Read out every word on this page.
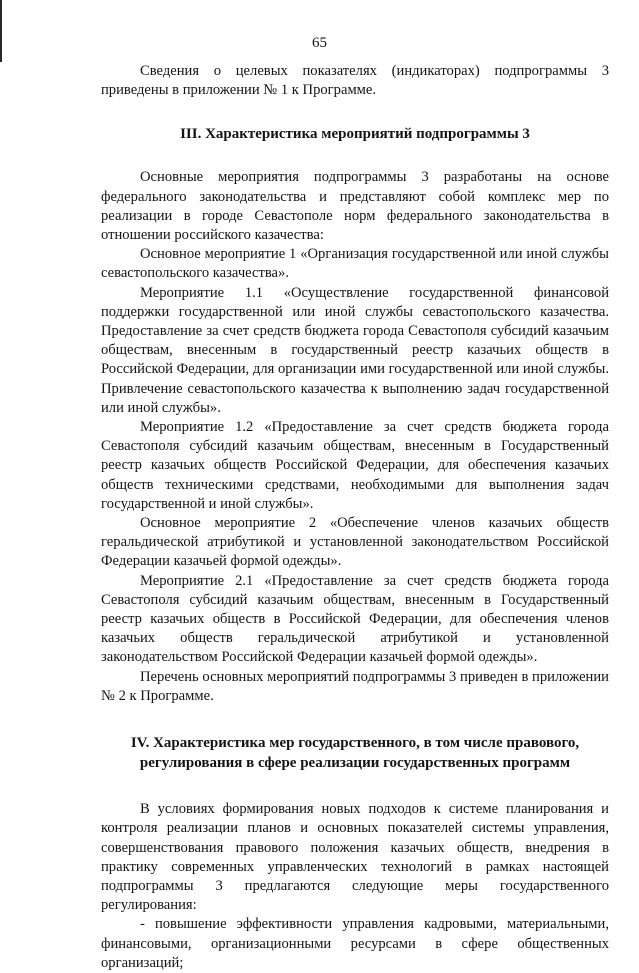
65

Сведения о целевых показателях (индикаторах) подпрограммы 3 приведены в приложении № 1 к Программе.

III. Характеристика мероприятий подпрограммы 3

Основные мероприятия подпрограммы 3 разработаны на основе федерального законодательства и представляют собой комплекс мер по реализации в городе Севастополе норм федерального законодательства в отношении российского казачества:

Основное мероприятие 1 «Организация государственной или иной службы севастопольского казачества».

Мероприятие 1.1 «Осуществление государственной финансовой поддержки государственной или иной службы севастопольского казачества. Предоставление за счет средств бюджета города Севастополя субсидий казачьим обществам, внесенным в государственный реестр казачьих обществ в Российской Федерации, для организации ими государственной или иной службы. Привлечение севастопольского казачества к выполнению задач государственной или иной службы».

Мероприятие 1.2 «Предоставление за счет средств бюджета города Севастополя субсидий казачьим обществам, внесенным в Государственный реестр казачьих обществ Российской Федерации, для обеспечения казачьих обществ техническими средствами, необходимыми для выполнения задач государственной и иной службы».

Основное мероприятие 2 «Обеспечение членов казачьих обществ геральдической атрибутикой и установленной законодательством Российской Федерации казачьей формой одежды».

Мероприятие 2.1 «Предоставление за счет средств бюджета города Севастополя субсидий казачьим обществам, внесенным в Государственный реестр казачьих обществ в Российской Федерации, для обеспечения членов казачьих обществ геральдической атрибутикой и установленной законодательством Российской Федерации казачьей формой одежды».

Перечень основных мероприятий подпрограммы 3 приведен в приложении № 2 к Программе.

IV. Характеристика мер государственного, в том числе правового,
регулирования в сфере реализации государственных программ

В условиях формирования новых подходов к системе планирования и контроля реализации планов и основных показателей системы управления, совершенствования правового положения казачьих обществ, внедрения в практику современных управленческих технологий в рамках настоящей подпрограммы 3 предлагаются следующие меры государственного регулирования:

- повышение эффективности управления кадровыми, материальными, финансовыми, организационными ресурсами в сфере общественных организаций;
